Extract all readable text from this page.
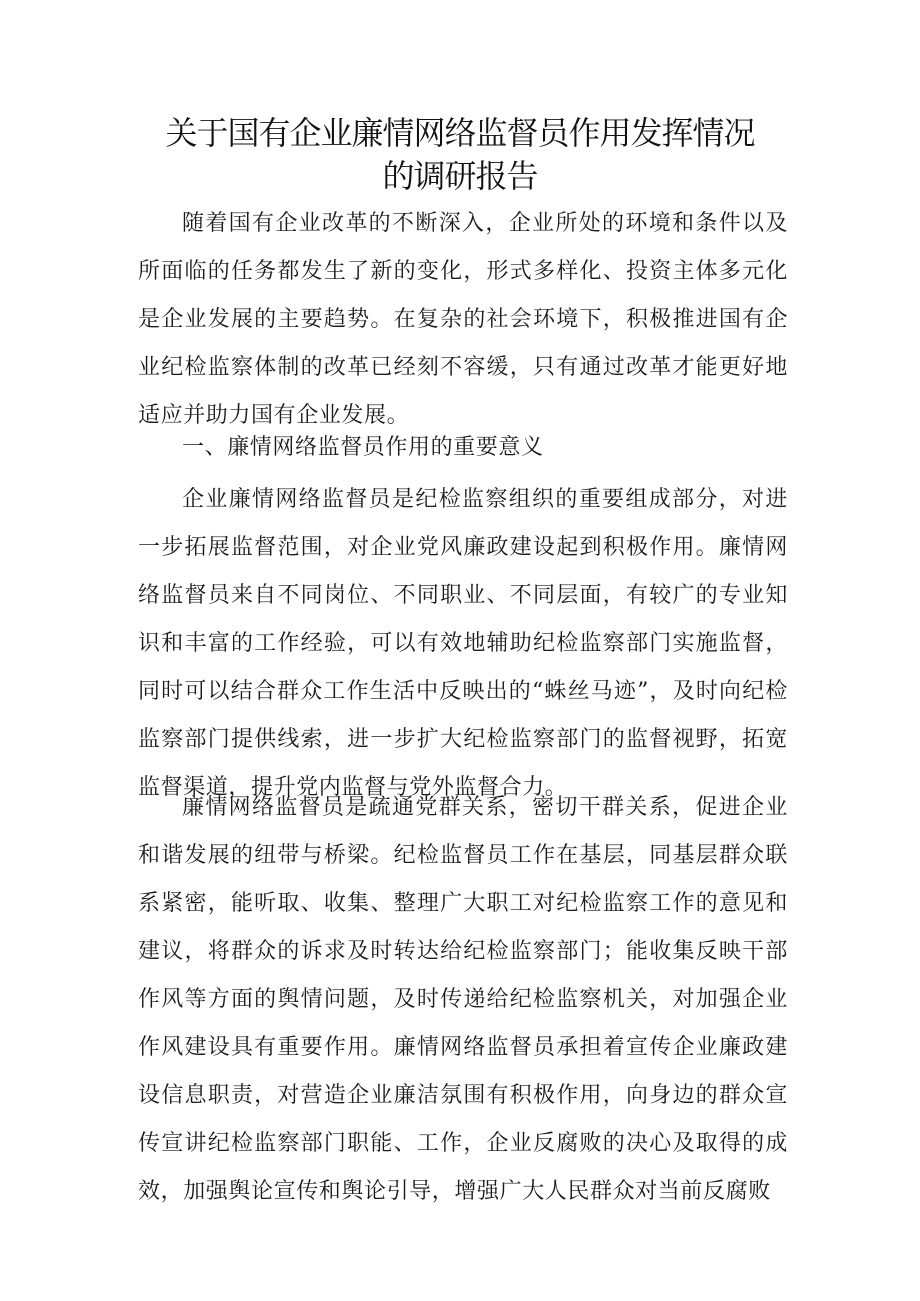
关于国有企业廉情网络监督员作用发挥情况
的调研报告

随着国有企业改革的不断深入，企业所处的环境和条件以及所面临的任务都发生了新的变化，形式多样化、投资主体多元化是企业发展的主要趋势。在复杂的社会环境下，积极推进国有企业纪检监察体制的改革已经刻不容缓，只有通过改革才能更好地适应并助力国有企业发展。

一、廉情网络监督员作用的重要意义

企业廉情网络监督员是纪检监察组织的重要组成部分，对进一步拓展监督范围，对企业党风廉政建设起到积极作用。廉情网络监督员来自不同岗位、不同职业、不同层面，有较广的专业知识和丰富的工作经验，可以有效地辅助纪检监察部门实施监督，同时可以结合群众工作生活中反映出的“蛛丝马迹”，及时向纪检监察部门提供线索，进一步扩大纪检监察部门的监督视野，拓宽监督渠道，提升党内监督与党外监督合力。

廉情网络监督员是疏通党群关系，密切干群关系，促进企业和谐发展的纽带与桥梁。纪检监督员工作在基层，同基层群众联系紧密，能听取、收集、整理广大职工对纪检监察工作的意见和建议，将群众的诉求及时转达给纪检监察部门；能收集反映干部作风等方面的舆情问题，及时传递给纪检监察机关，对加强企业作风建设具有重要作用。廉情网络监督员承担着宣传企业廉政建设信息职责，对营造企业廉洁氛围有积极作用，向身边的群众宣传宣讲纪检监察部门职能、工作，企业反腐败的决心及取得的成效，加强舆论宣传和舆论引导，增强广大人民群众对当前反腐败
